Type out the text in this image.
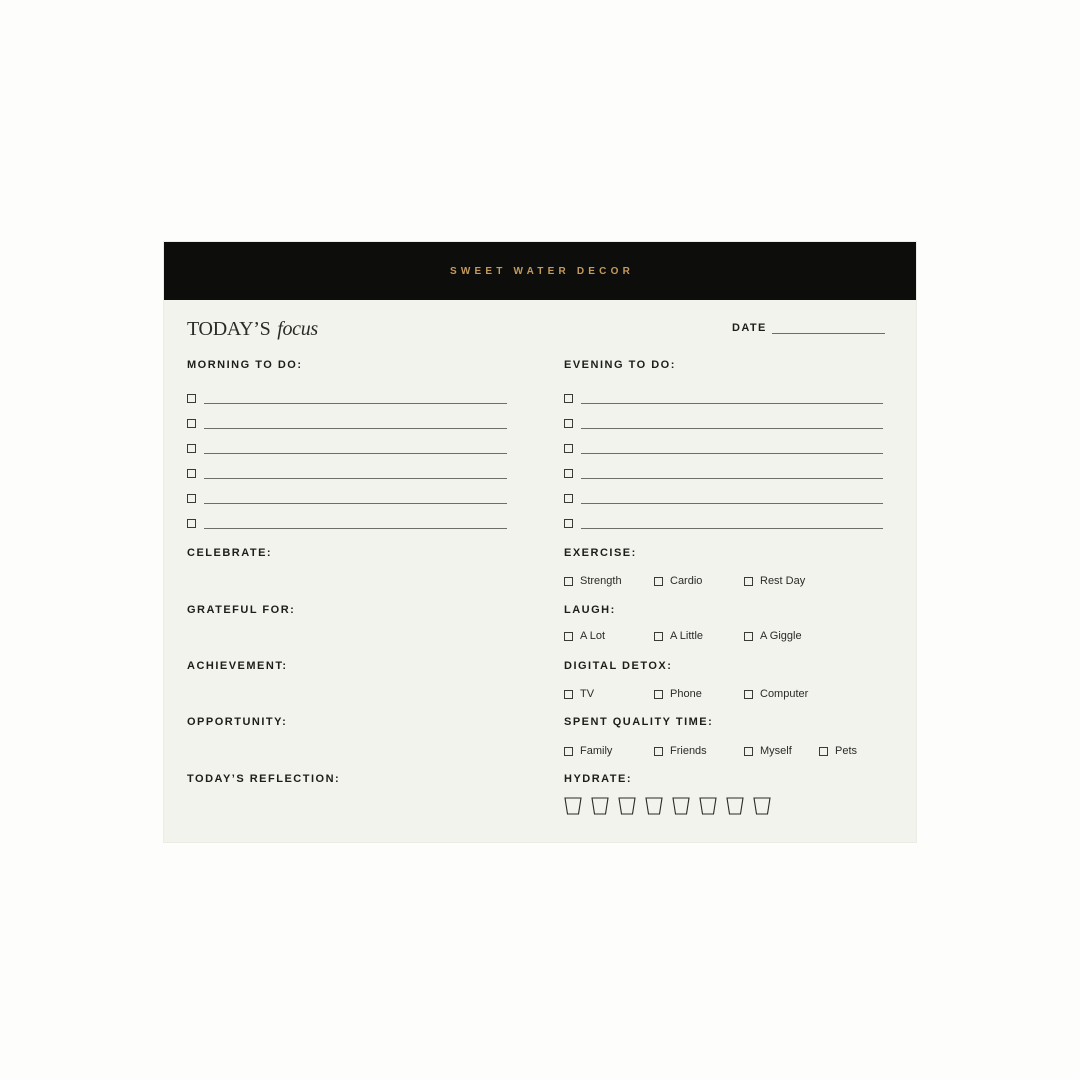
SWEET WATER DECOR
TODAY’S focus	DATE
MORNING TO DO:
CELEBRATE:
GRATEFUL FOR:
ACHIEVEMENT:
OPPORTUNITY:
TODAY’S REFLECTION:
EVENING TO DO:
EXERCISE:
Strength	Cardio	Rest Day
LAUGH:
A Lot	A Little	A Giggle
DIGITAL DETOX:
TV	Phone	Computer
SPENT QUALITY TIME:
Family	Friends	Myself	Pets
HYDRATE:
